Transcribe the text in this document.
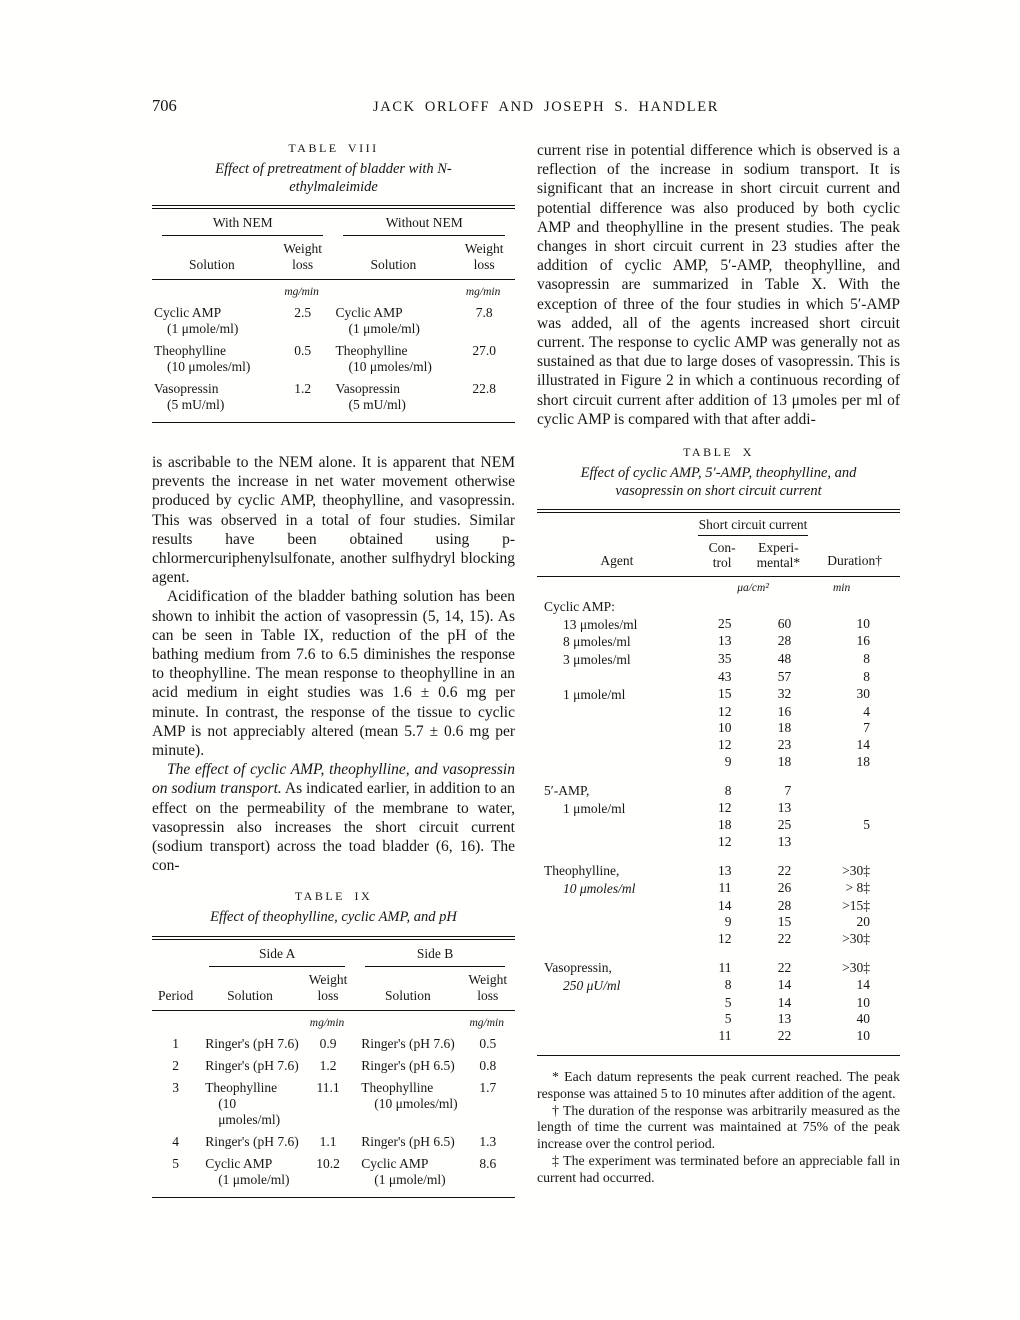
706	JACK ORLOFF AND JOSEPH S. HANDLER
TABLE VIII
Effect of pretreatment of bladder with N-ethylmaleimide
With NEM		Without NEM	

Solution	Weight loss	Solution	Weight loss
	mg/min		mg/min

Cyclic AMP
(1 μmole/ml)
	2.5	Cyclic AMP
(1 μmole/ml)
	7.8

Theophylline
(10 μmoles/ml)
	0.5	Theophylline
(10 μmoles/ml)
	27.0

Vasopressin
(5 mU/ml)
	1.2	Vasopressin
(5 mU/ml)
	22.8

is ascribable to the NEM alone. It is apparent that NEM prevents the increase in net water movement otherwise produced by cyclic AMP, theophylline, and vasopressin. This was observed in a total of four studies. Similar results have been obtained using p-chlormercuriphenylsulfonate, another sulfhydryl blocking agent.

Acidification of the bladder bathing solution has been shown to inhibit the action of vasopressin (5, 14, 15). As can be seen in Table IX, reduction of the pH of the bathing medium from 7.6 to 6.5 diminishes the response to theophylline. The mean response to theophylline in an acid medium in eight studies was 1.6 ± 0.6 mg per minute. In contrast, the response of the tissue to cyclic AMP is not appreciably altered (mean 5.7 ± 0.6 mg per minute).

The effect of cyclic AMP, theophylline, and vasopressin on sodium transport. As indicated earlier, in addition to an effect on the permeability of the membrane to water, vasopressin also increases the short circuit current (sodium transport) across the toad bladder (6, 16). The con-

TABLE IX
Effect of theophylline, cyclic AMP, and pH
Period	Side A		Side B	

	Solution	Weight loss	Solution	Weight loss
		mg/min		mg/min
1	Ringer's (pH 7.6)	0.9	Ringer's (pH 7.6)	0.5
2	Ringer's (pH 7.6)	1.2	Ringer's (pH 6.5)	0.8
3	Theophylline
(10 μmoles/ml)
	11.1	Theophylline
(10 μmoles/ml)
	1.7
4	Ringer's (pH 7.6)	1.1	Ringer's (pH 6.5)	1.3
5	Cyclic AMP
(1 μmole/ml)
	10.2	Cyclic AMP
(1 μmole/ml)
	8.6

current rise in potential difference which is observed is a reflection of the increase in sodium transport. It is significant that an increase in short circuit current and potential difference was also produced by both cyclic AMP and theophylline in the present studies. The peak changes in short circuit current in 23 studies after the addition of cyclic AMP, 5′-AMP, theophylline, and vasopressin are summarized in Table X. With the exception of three of the four studies in which 5′-AMP was added, all of the agents increased short circuit current. The response to cyclic AMP was generally not as sustained as that due to large doses of vasopressin. This is illustrated in Figure 2 in which a continuous recording of short circuit current after addition of 13 μmoles per ml of cyclic AMP is compared with that after addi-

TABLE X
Effect of cyclic AMP, 5′-AMP, theophylline, and vasopressin on short circuit current
Agent	Short circuit current		Duration†
	Con- trol	Experi- mental*	
	μa/cm²		min
Cyclic AMP:			
13 μmoles/ml	25	60	10
8 μmoles/ml	13	28	16
3 μmoles/ml	35	48	8
	43	57	8
1 μmole/ml	15	32	30
	12	16	4
	10	18	7
	12	23	14
	9	18	18
5′-AMP,	8	7	
1 μmole/ml	12	13	
	18	25	5
	12	13	
Theophylline,	13	22	>30‡
10 μmoles/ml	11	26	> 8‡
	14	28	>15‡
	9	15	20
	12	22	>30‡
Vasopressin,	11	22	>30‡
250 μU/ml	8	14	14
	5	14	10
	5	13	40
	11	22	10

* Each datum represents the peak current reached. The peak response was attained 5 to 10 minutes after addition of the agent.

† The duration of the response was arbitrarily measured as the length of time the current was maintained at 75% of the peak increase over the control period.

‡ The experiment was terminated before an appreciable fall in current had occurred.
